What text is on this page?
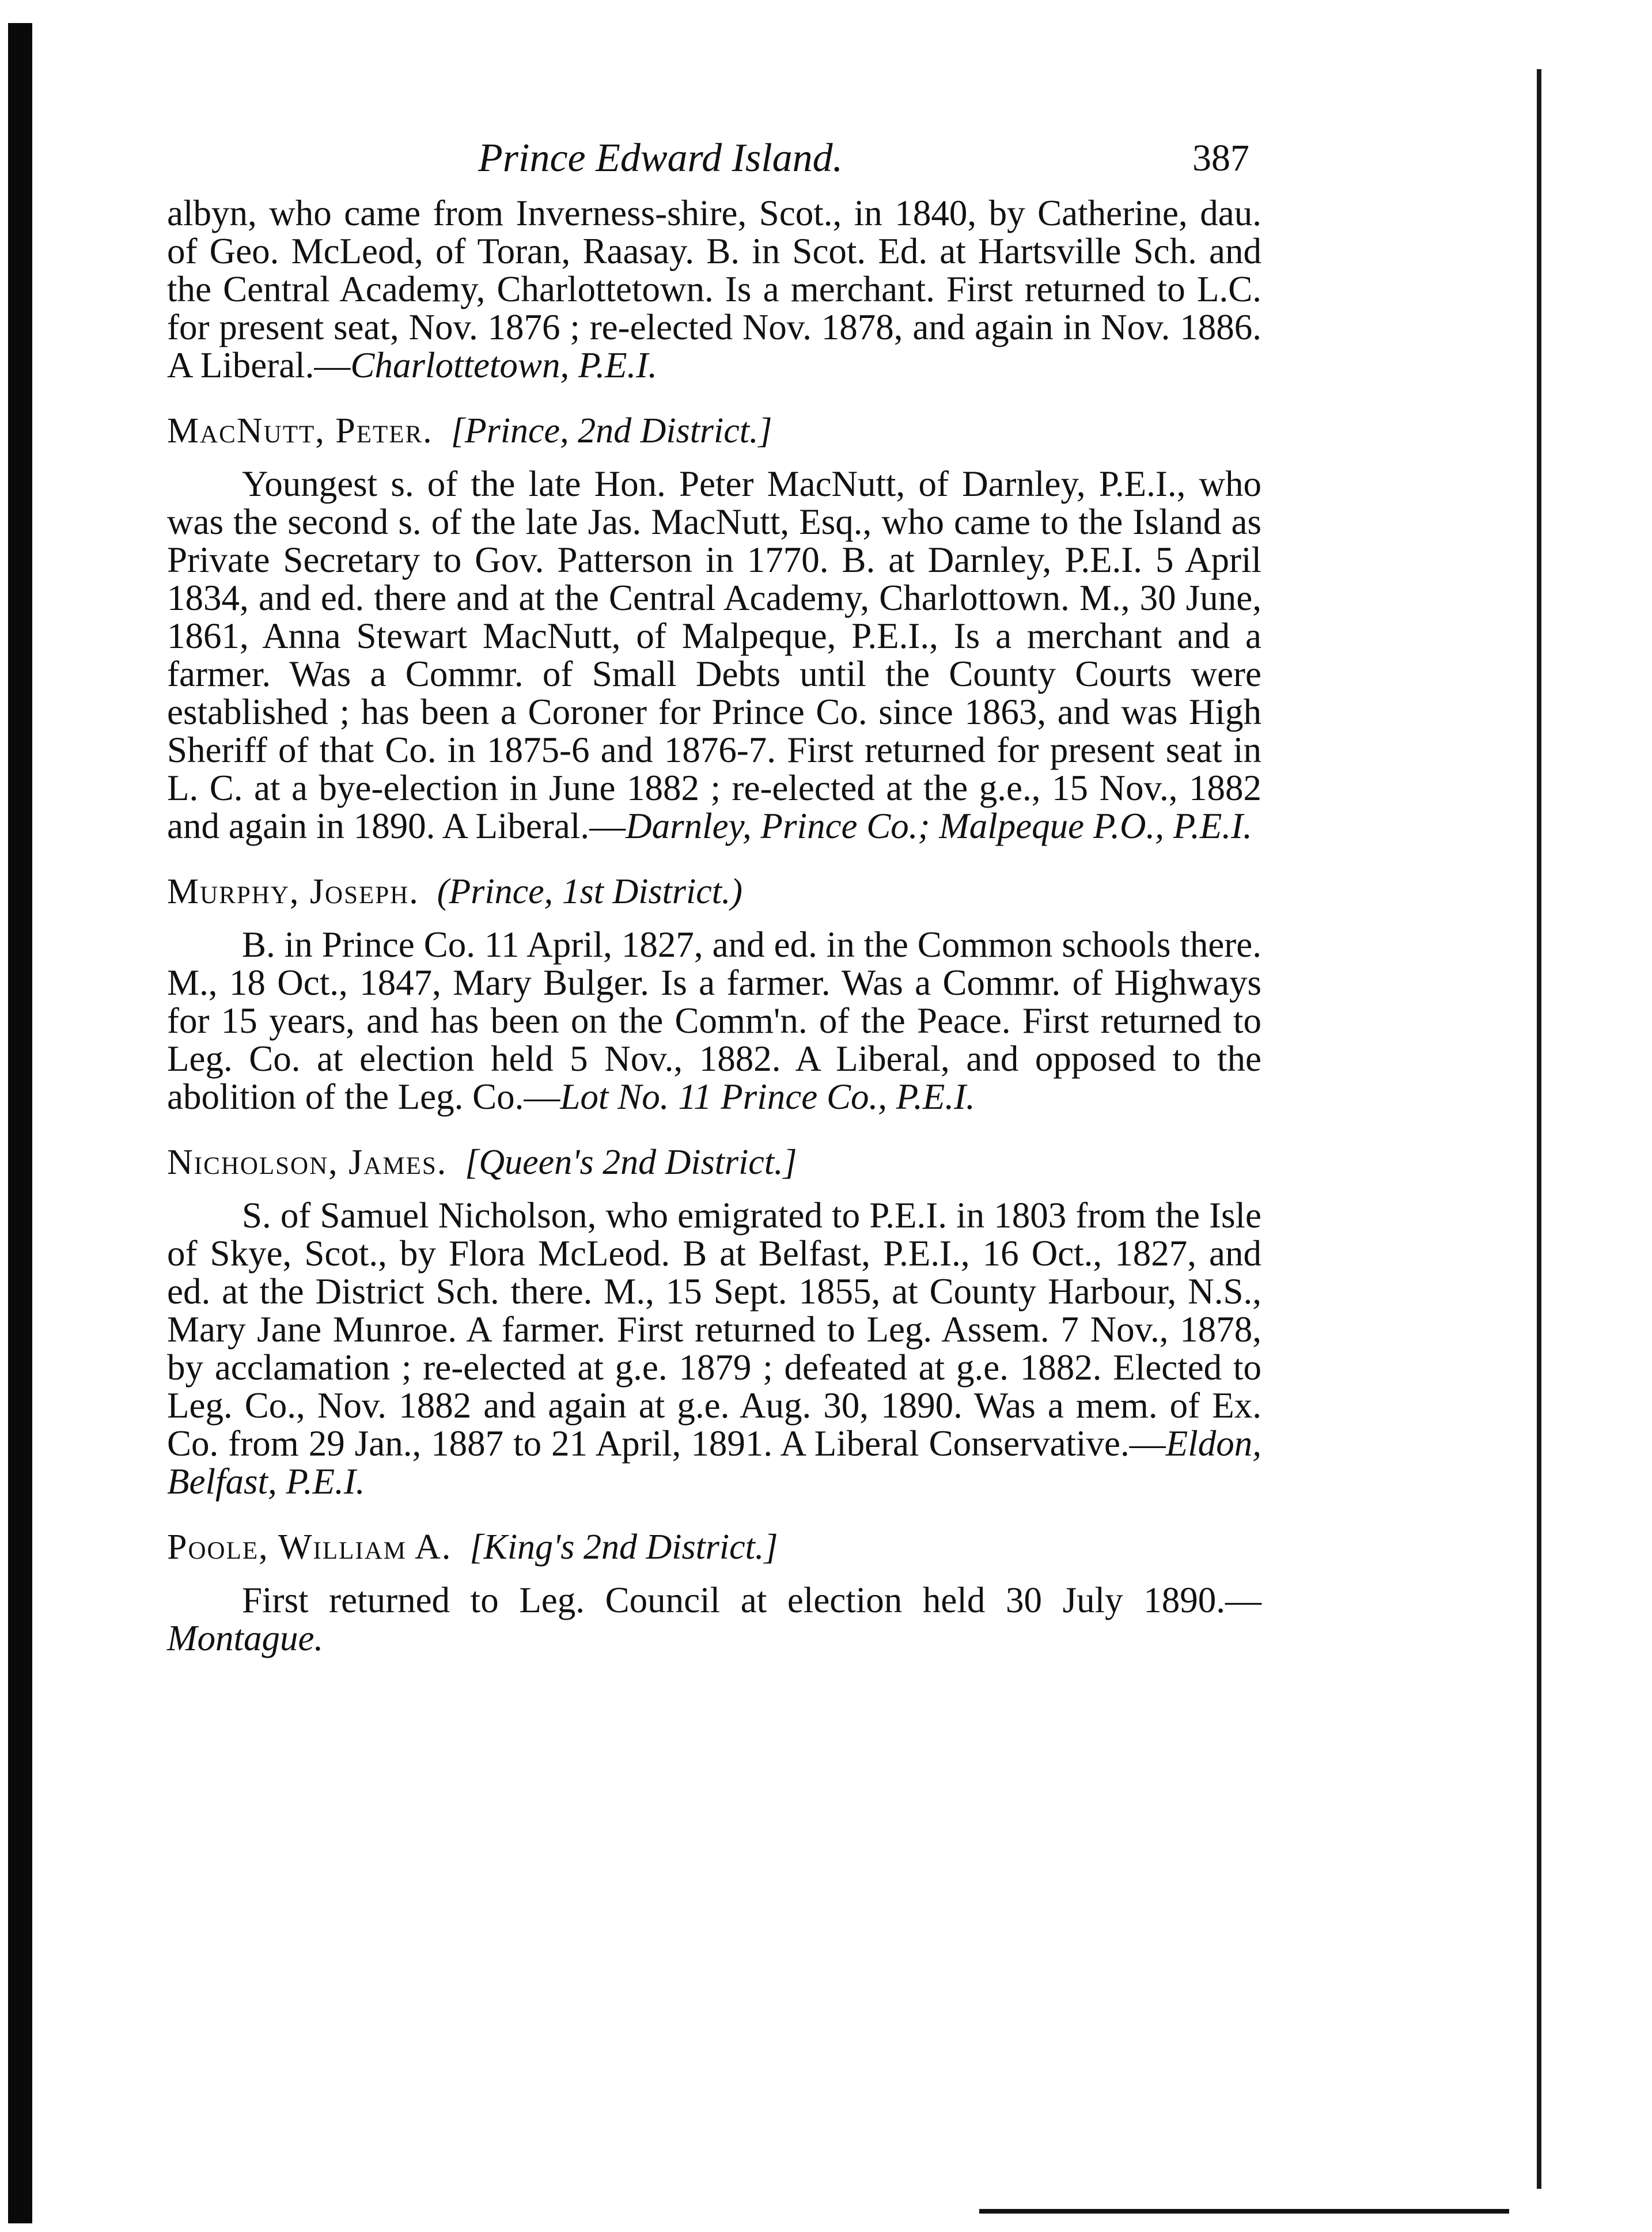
Prince Edward Island.	387

albyn, who came from Inverness-shire, Scot., in 1840, by Catherine, dau. of Geo. McLeod, of Toran, Raasay. B. in Scot. Ed. at Hartsville Sch. and the Central Academy, Charlottetown. Is a merchant. First returned to L.C. for present seat, Nov. 1876 ; re-elected Nov. 1878, and again in Nov. 1886. A Liberal.—Charlottetown, P.E.I.

MacNutt, Peter. [Prince, 2nd District.]

Youngest s. of the late Hon. Peter MacNutt, of Darnley, P.E.I., who was the second s. of the late Jas. MacNutt, Esq., who came to the Island as Private Secretary to Gov. Patterson in 1770. B. at Darnley, P.E.I. 5 April 1834, and ed. there and at the Central Academy, Charlottown. M., 30 June, 1861, Anna Stewart MacNutt, of Malpeque, P.E.I., Is a merchant and a farmer. Was a Commr. of Small Debts until the County Courts were established ; has been a Coroner for Prince Co. since 1863, and was High Sheriff of that Co. in 1875-6 and 1876-7. First returned for present seat in L. C. at a bye-election in June 1882 ; re-elected at the g.e., 15 Nov., 1882 and again in 1890. A Liberal.—Darnley, Prince Co.; Malpeque P.O., P.E.I.

Murphy, Joseph. (Prince, 1st District.)

B. in Prince Co. 11 April, 1827, and ed. in the Common schools there. M., 18 Oct., 1847, Mary Bulger. Is a farmer. Was a Commr. of Highways for 15 years, and has been on the Comm'n. of the Peace. First returned to Leg. Co. at election held 5 Nov., 1882. A Liberal, and opposed to the abolition of the Leg. Co.—Lot No. 11 Prince Co., P.E.I.

Nicholson, James. [Queen's 2nd District.]

S. of Samuel Nicholson, who emigrated to P.E.I. in 1803 from the Isle of Skye, Scot., by Flora McLeod. B at Belfast, P.E.I., 16 Oct., 1827, and ed. at the District Sch. there. M., 15 Sept. 1855, at County Harbour, N.S., Mary Jane Munroe. A farmer. First returned to Leg. Assem. 7 Nov., 1878, by acclamation ; re-elected at g.e. 1879 ; defeated at g.e. 1882. Elected to Leg. Co., Nov. 1882 and again at g.e. Aug. 30, 1890. Was a mem. of Ex. Co. from 29 Jan., 1887 to 21 April, 1891. A Liberal Conservative.—Eldon, Belfast, P.E.I.

Poole, William A. [King's 2nd District.]

First returned to Leg. Council at election held 30 July 1890.—Montague.
